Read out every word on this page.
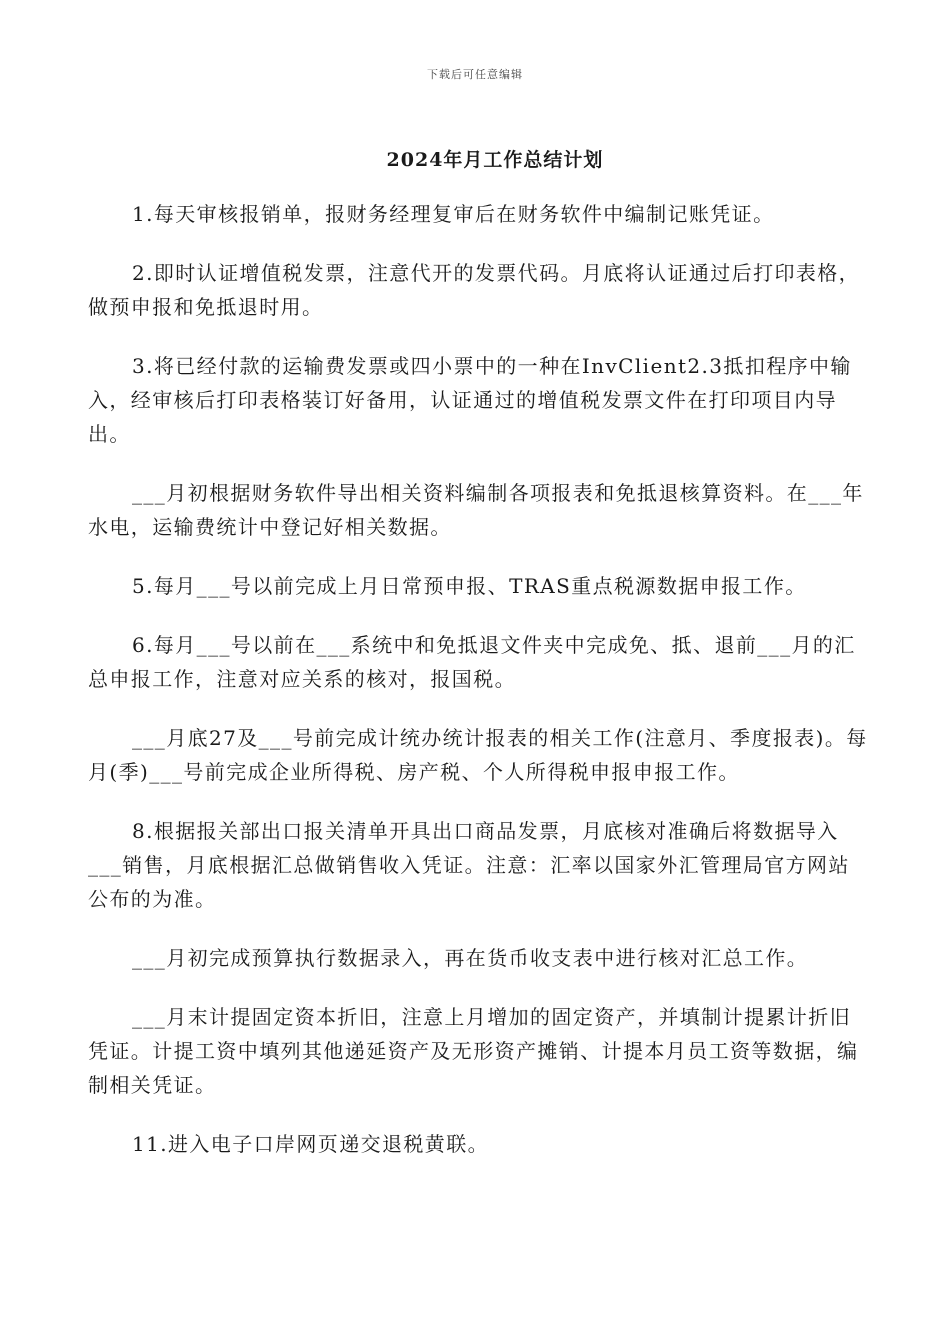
下载后可任意编辑
2024年月工作总结计划

1.每天审核报销单，报财务经理复审后在财务软件中编制记账凭证。

2.即时认证增值税发票，注意代开的发票代码。月底将认证通过后打印表格，做预申报和免抵退时用。

3.将已经付款的运输费发票或四小票中的一种在InvClient2.3抵扣程序中输入，经审核后打印表格装订好备用，认证通过的增值税发票文件在打印项目内导出。

___月初根据财务软件导出相关资料编制各项报表和免抵退核算资料。在___年水电，运输费统计中登记好相关数据。

5.每月___号以前完成上月日常预申报、TRAS重点税源数据申报工作。

6.每月___号以前在___系统中和免抵退文件夹中完成免、抵、退前___月的汇总申报工作，注意对应关系的核对，报国税。

___月底27及___号前完成计统办统计报表的相关工作(注意月、季度报表)。每月(季)___号前完成企业所得税、房产税、个人所得税申报申报工作。

8.根据报关部出口报关清单开具出口商品发票，月底核对准确后将数据导入___销售，月底根据汇总做销售收入凭证。注意：汇率以国家外汇管理局官方网站公布的为准。

___月初完成预算执行数据录入，再在货币收支表中进行核对汇总工作。

___月末计提固定资本折旧，注意上月增加的固定资产，并填制计提累计折旧凭证。计提工资中填列其他递延资产及无形资产摊销、计提本月员工资等数据，编制相关凭证。

11.进入电子口岸网页递交退税黄联。
